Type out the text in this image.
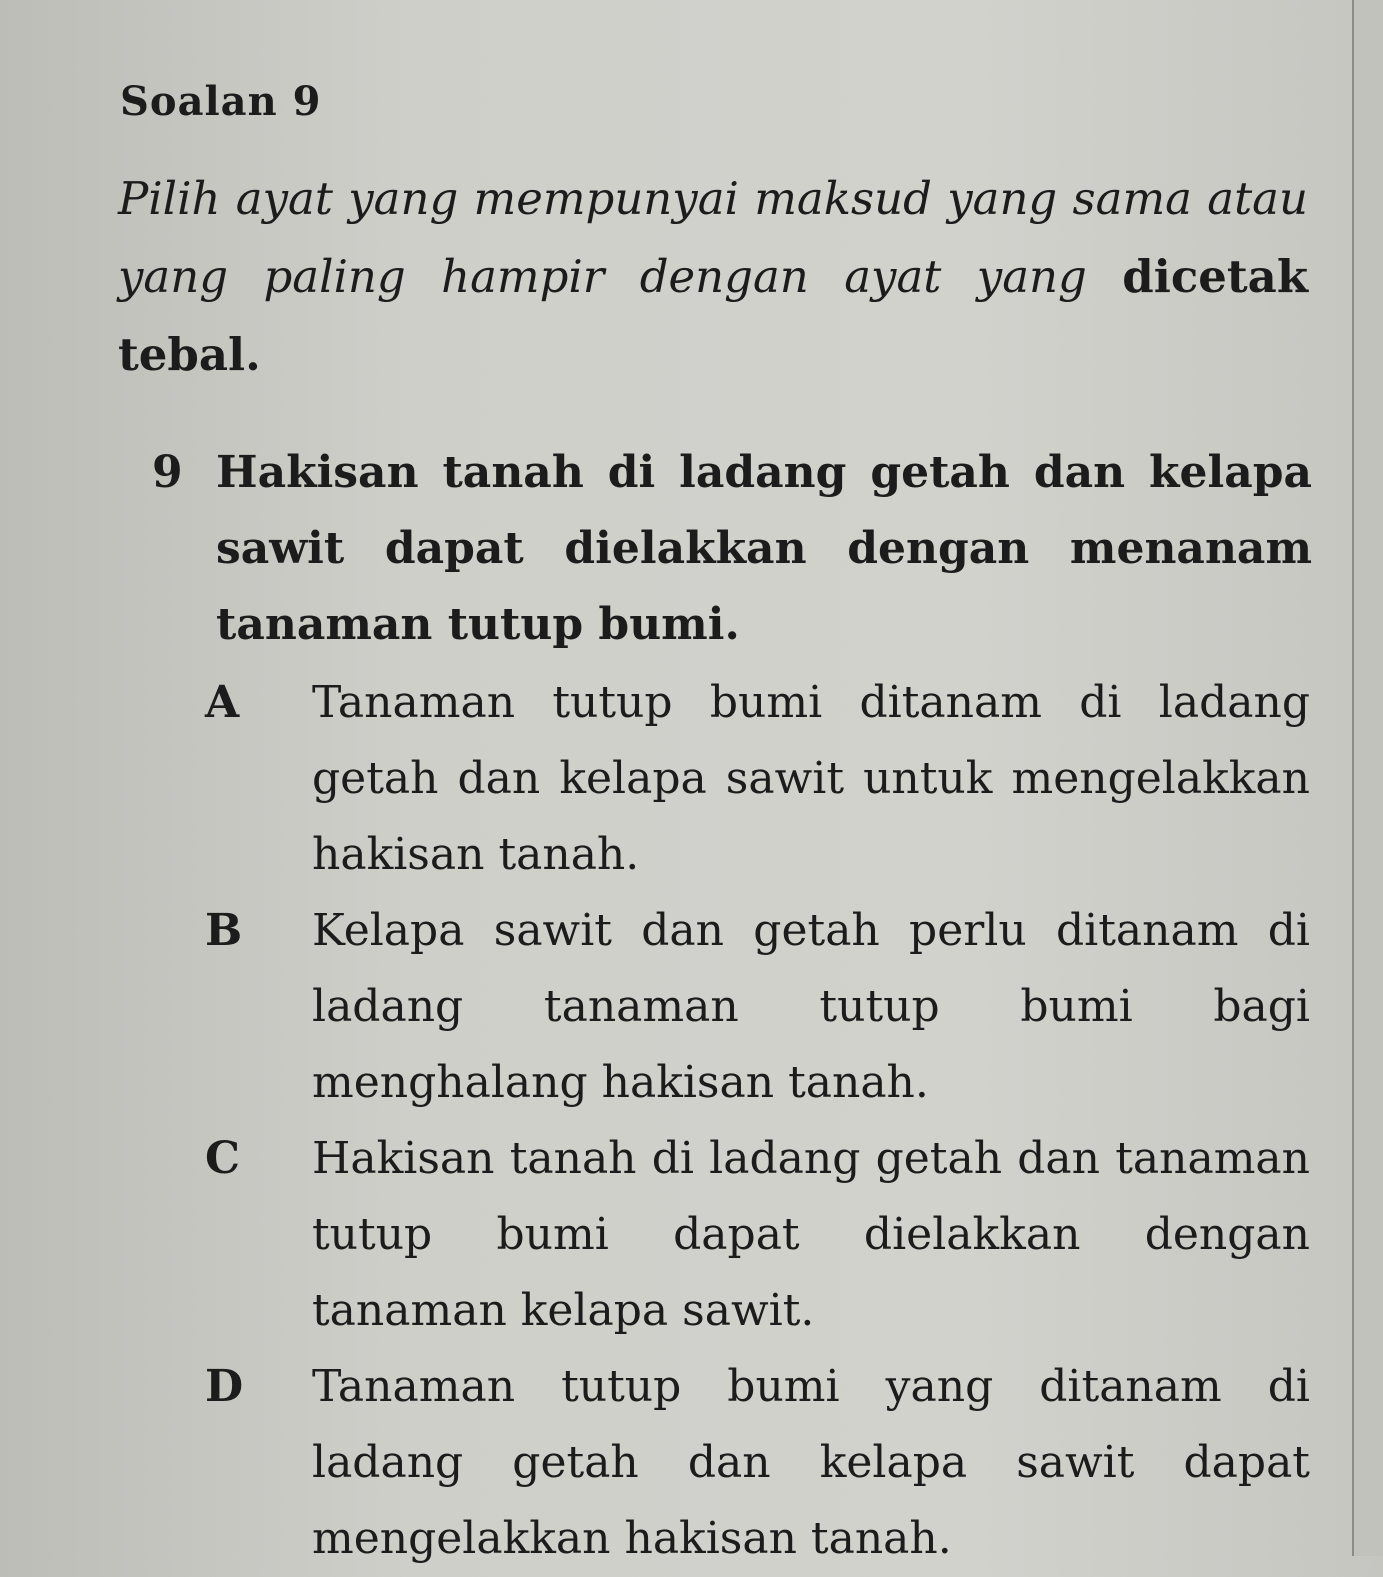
Soalan 9

Pilih ayat yang mempunyai maksud yang sama atau yang paling hampir dengan ayat yang dicetak tebal.

9 Hakisan tanah di ladang getah dan kelapa sawit dapat dielakkan dengan menanam tanaman tutup bumi.
A Tanaman tutup bumi ditanam di ladang getah dan kelapa sawit untuk mengelakkan hakisan tanah.
B Kelapa sawit dan getah perlu ditanam di ladang tanaman tutup bumi bagi menghalang hakisan tanah.
C Hakisan tanah di ladang getah dan tanaman tutup bumi dapat dielakkan dengan tanaman kelapa sawit.
D Tanaman tutup bumi yang ditanam di ladang getah dan kelapa sawit dapat mengelakkan hakisan tanah.
